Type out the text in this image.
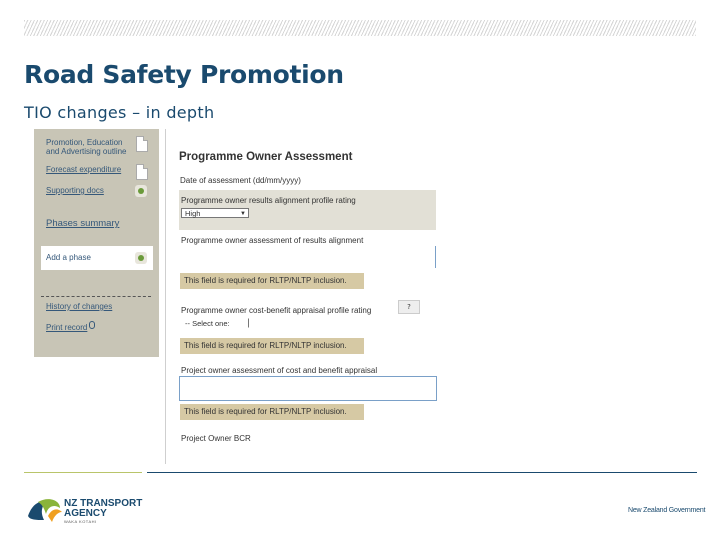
Road Safety Promotion
TIO changes – in depth
Promotion, Education and Advertising outline
Forecast expenditure
Supporting docs
Phases summary
Add a phase
History of changes
Print record
Programme Owner Assessment
Date of assessment (dd/mm/yyyy)
Programme owner results alignment profile rating
High	▼
Programme owner assessment of results alignment
This field is required for RLTP/NLTP inclusion.
Programme owner cost-benefit appraisal profile rating	?
-- Select one:
This field is required for RLTP/NLTP inclusion.
Project owner assessment of cost and benefit appraisal
This field is required for RLTP/NLTP inclusion.
Project Owner BCR
NZ TRANSPORT
AGENCY
WAKA KOTAHI
New Zealand Government
